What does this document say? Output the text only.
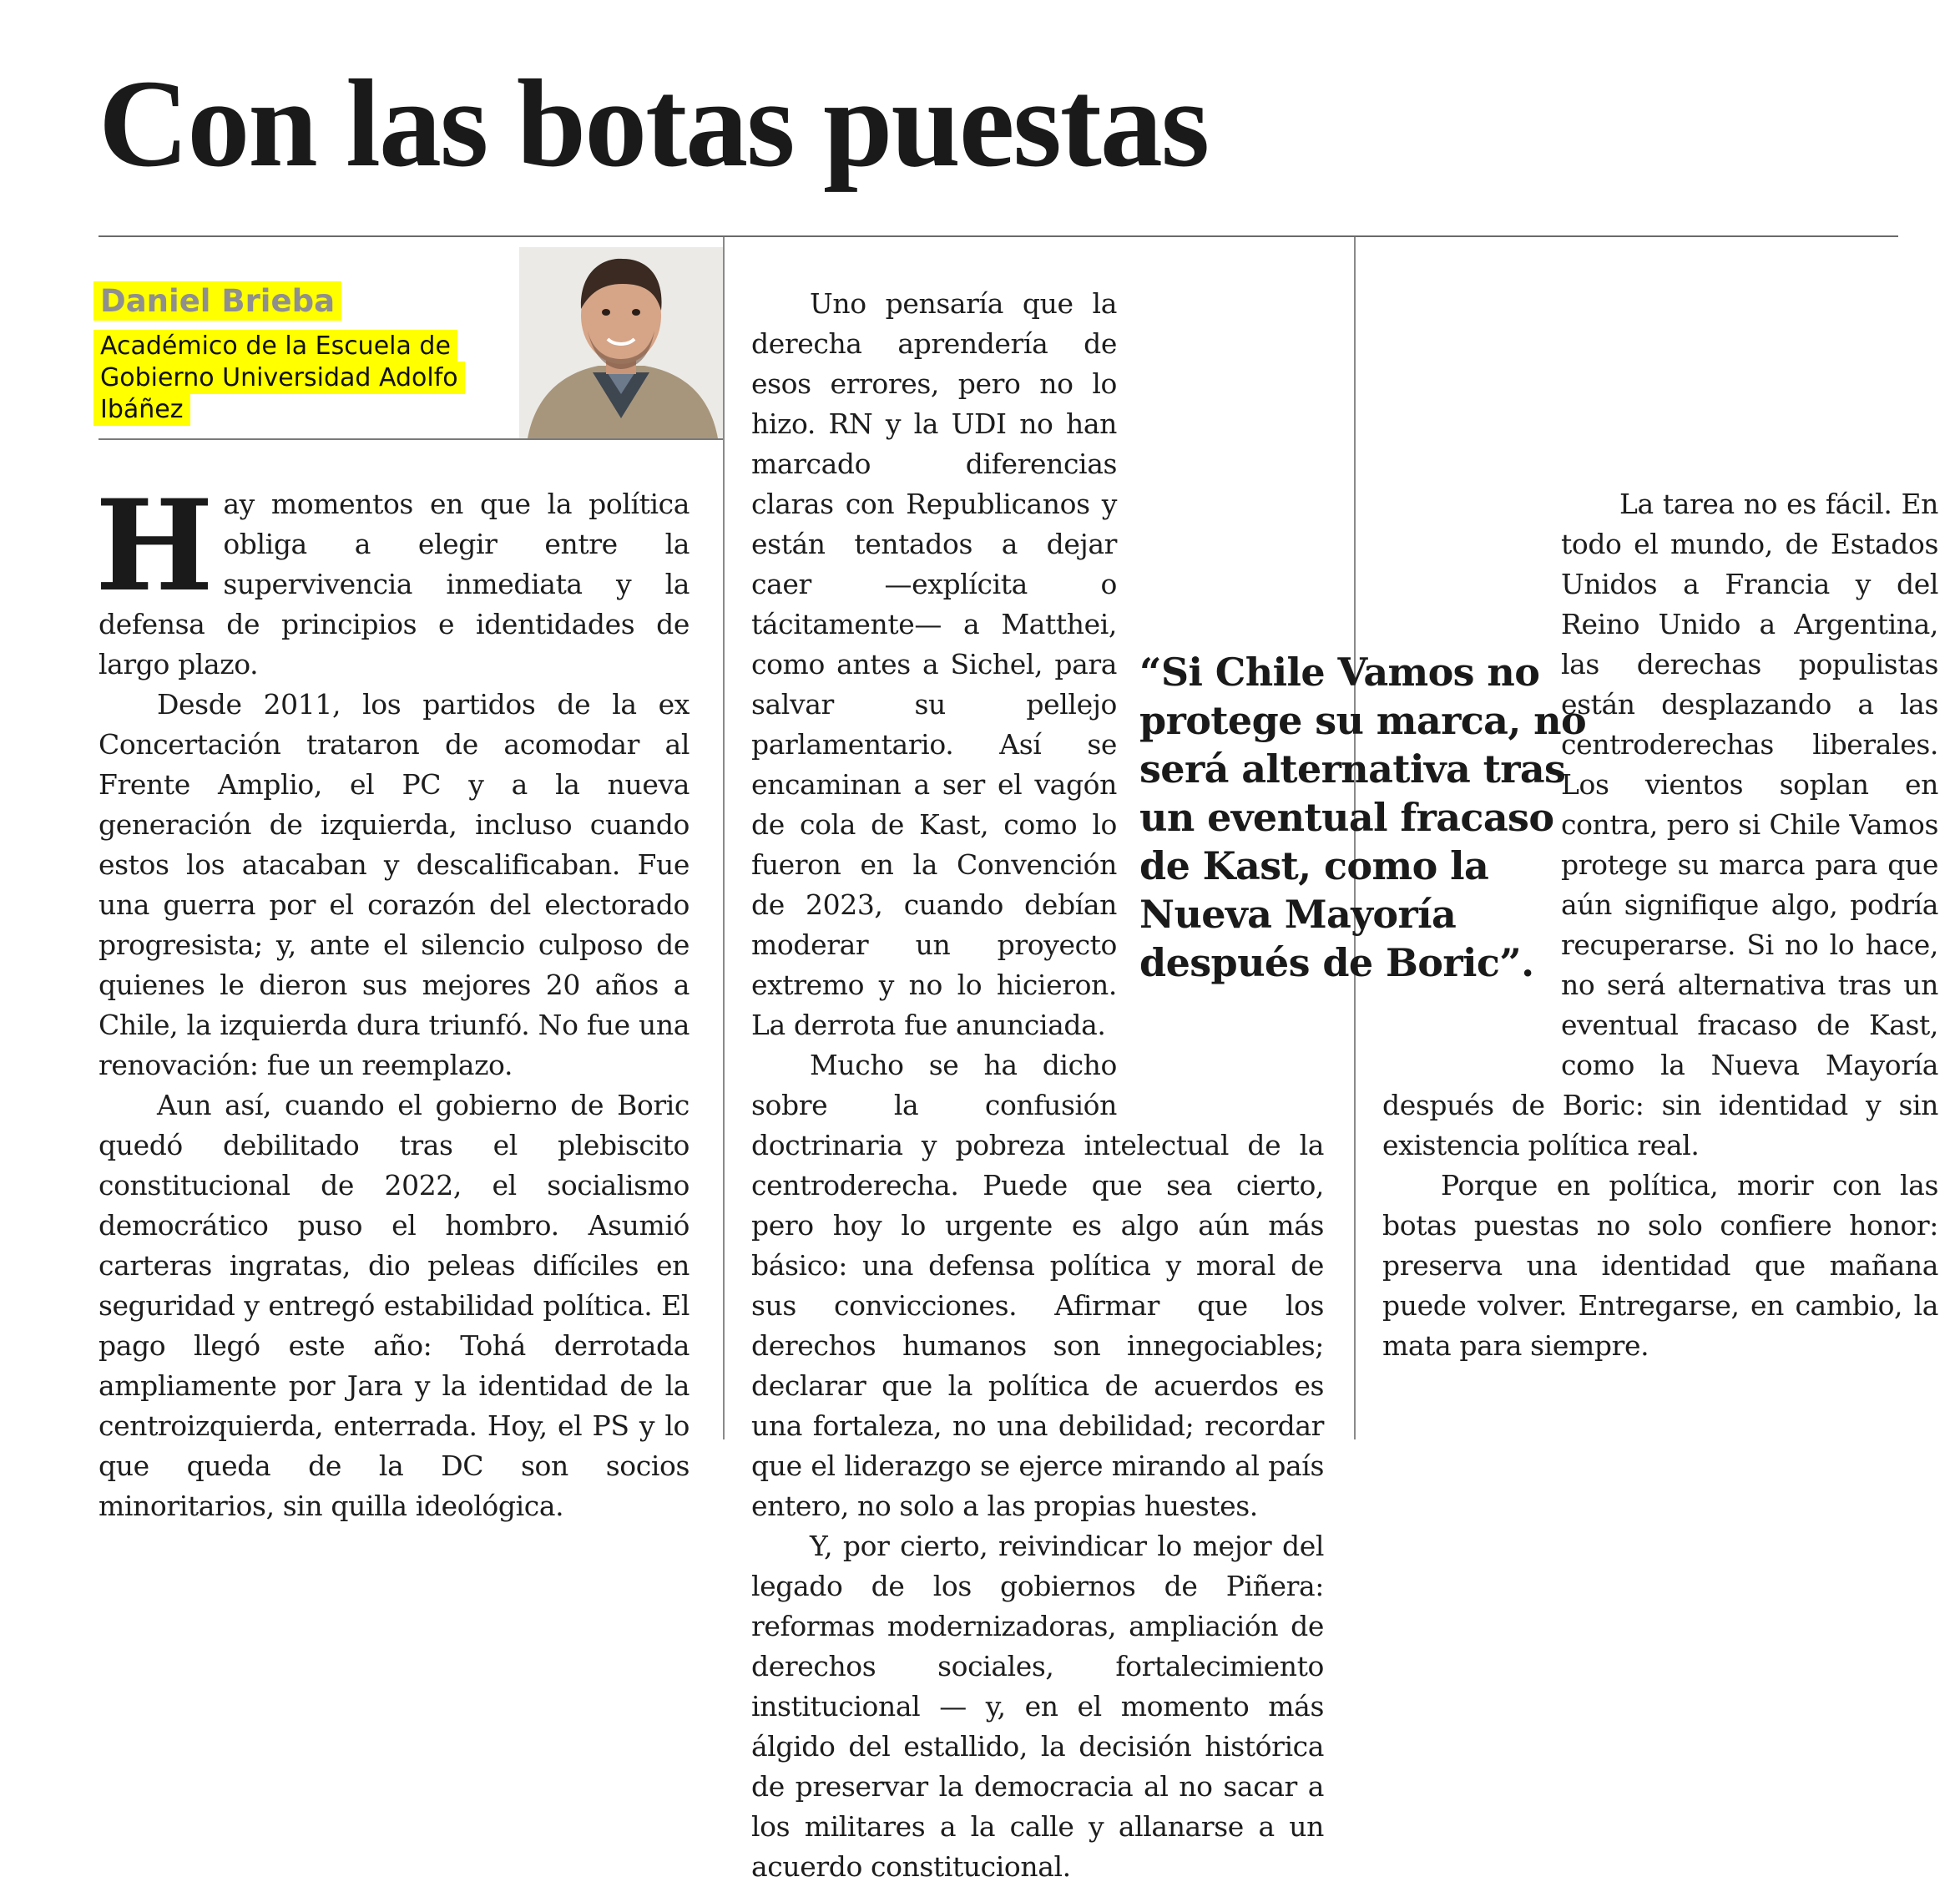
Con las botas puestas
Daniel Brieba
Académico de la Escuela de Gobierno Universidad Adolfo Ibáñez

Hay momentos en que la política obliga a elegir entre la supervivencia inmediata y la defensa de principios e identidades de largo plazo.

Desde 2011, los partidos de la ex Concertación trataron de acomodar al Frente Amplio, el PC y a la nueva generación de izquierda, incluso cuando estos los atacaban y descalificaban. Fue una guerra por el corazón del electorado progresista; y, ante el silencio culposo de quienes le dieron sus mejores 20 años a Chile, la izquierda dura triunfó. No fue una renovación: fue un reemplazo.

Aun así, cuando el gobierno de Boric quedó debilitado tras el plebiscito constitucional de 2022, el socialismo democrático puso el hombro. Asumió carteras ingratas, dio peleas difíciles en seguridad y entregó estabilidad política. El pago llegó este año: Tohá derrotada ampliamente por Jara y la identidad de la centroizquierda, enterrada. Hoy, el PS y lo que queda de la DC son socios minoritarios, sin quilla ideológica.

Uno pensaría que la derecha aprendería de esos errores, pero no lo hizo. RN y la UDI no han marcado diferencias claras con Republicanos y están tentados a dejar caer —explícita o tácitamente— a Matthei, como antes a Sichel, para salvar su pellejo parlamentario. Así se encaminan a ser el vagón de cola de Kast, como lo fueron en la Convención de 2023, cuando debían moderar un proyecto extremo y no lo hicieron. La derrota fue anunciada.

Mucho se ha dicho sobre la confusión doctrinaria y pobreza intelectual de la centroderecha. Puede que sea cierto, pero hoy lo urgente es algo aún más básico: una defensa política y moral de sus convicciones. Afirmar que los derechos humanos son innegociables; declarar que la política de acuerdos es una fortaleza, no una debilidad; recordar que el liderazgo se ejerce mirando al país entero, no solo a las propias huestes.

Y, por cierto, reivindicar lo mejor del legado de los gobiernos de Piñera: reformas modernizadoras, ampliación de derechos sociales, fortalecimiento institucional — y, en el momento más álgido del estallido, la decisión histórica de preservar la democracia al no sacar a los militares a la calle y allanarse a un acuerdo constitucional.

La tarea no es fácil. En todo el mundo, de Estados Unidos a Francia y del Reino Unido a Argentina, las derechas populistas están desplazando a las centroderechas liberales. Los vientos soplan en contra, pero si Chile Vamos protege su marca para que aún signifique algo, podría recuperarse. Si no lo hace, no será alternativa tras un eventual fracaso de Kast, como la Nueva Mayoría después de Boric: sin identidad y sin existencia política real.

Porque en política, morir con las botas puestas no solo confiere honor: preserva una identidad que mañana puede volver. Entregarse, en cambio, la mata para siempre.

“Si Chile Vamos no protege su marca, no será alternativa tras un eventual fracaso de Kast, como la Nueva Mayoría después de Boric”.
